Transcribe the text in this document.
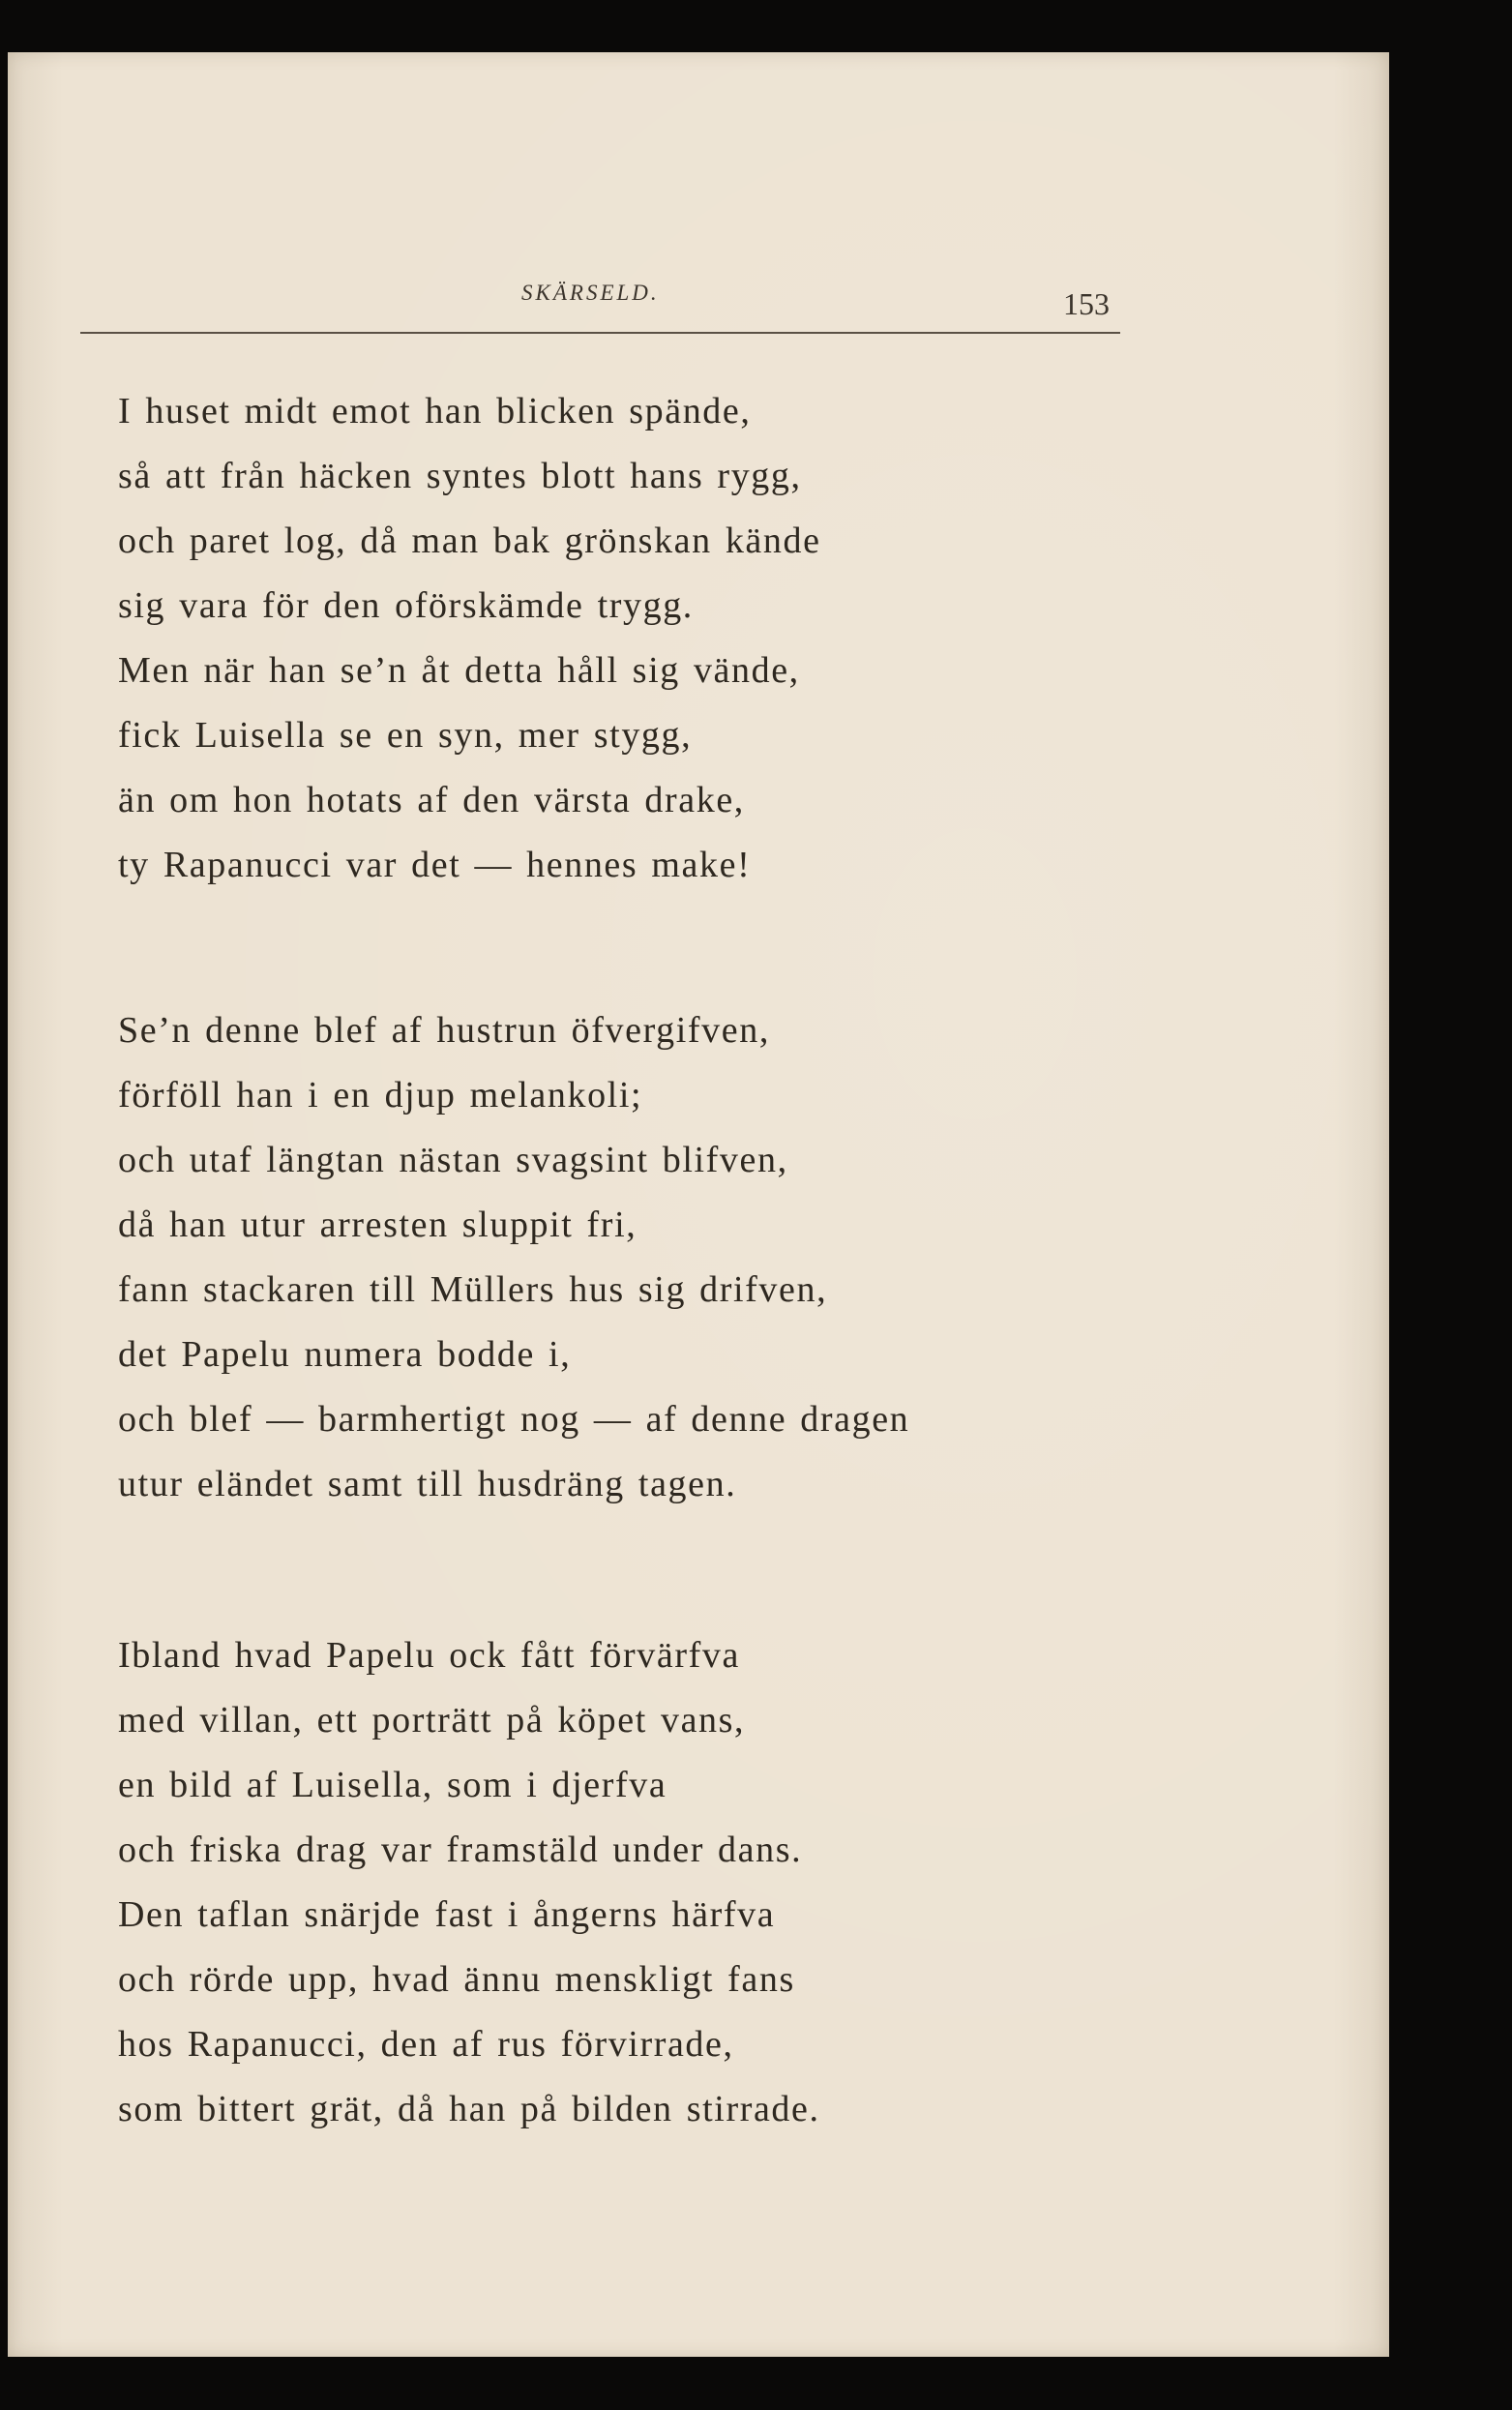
SKÄRSELD.	153
I huset midt emot han blicken spände,
så att från häcken syntes blott hans rygg,
och paret log, då man bak grönskan kände
sig vara för den oförskämde trygg.
Men när han se’n åt detta håll sig vände,
fick Luisella se en syn, mer stygg,
än om hon hotats af den värsta drake,
ty Rapanucci var det — hennes make!
Se’n denne blef af hustrun öfvergifven,
förföll han i en djup melankoli;
och utaf längtan nästan svagsint blifven,
då han utur arresten sluppit fri,
fann stackaren till Müllers hus sig drifven,
det Papelu numera bodde i,
och blef — barmhertigt nog — af denne dragen
utur eländet samt till husdräng tagen.
Ibland hvad Papelu ock fått förvärfva
med villan, ett porträtt på köpet vans,
en bild af Luisella, som i djerfva
och friska drag var framstäld under dans.
Den taflan snärjde fast i ångerns härfva
och rörde upp, hvad ännu menskligt fans
hos Rapanucci, den af rus förvirrade,
som bittert grät, då han på bilden stirrade.
